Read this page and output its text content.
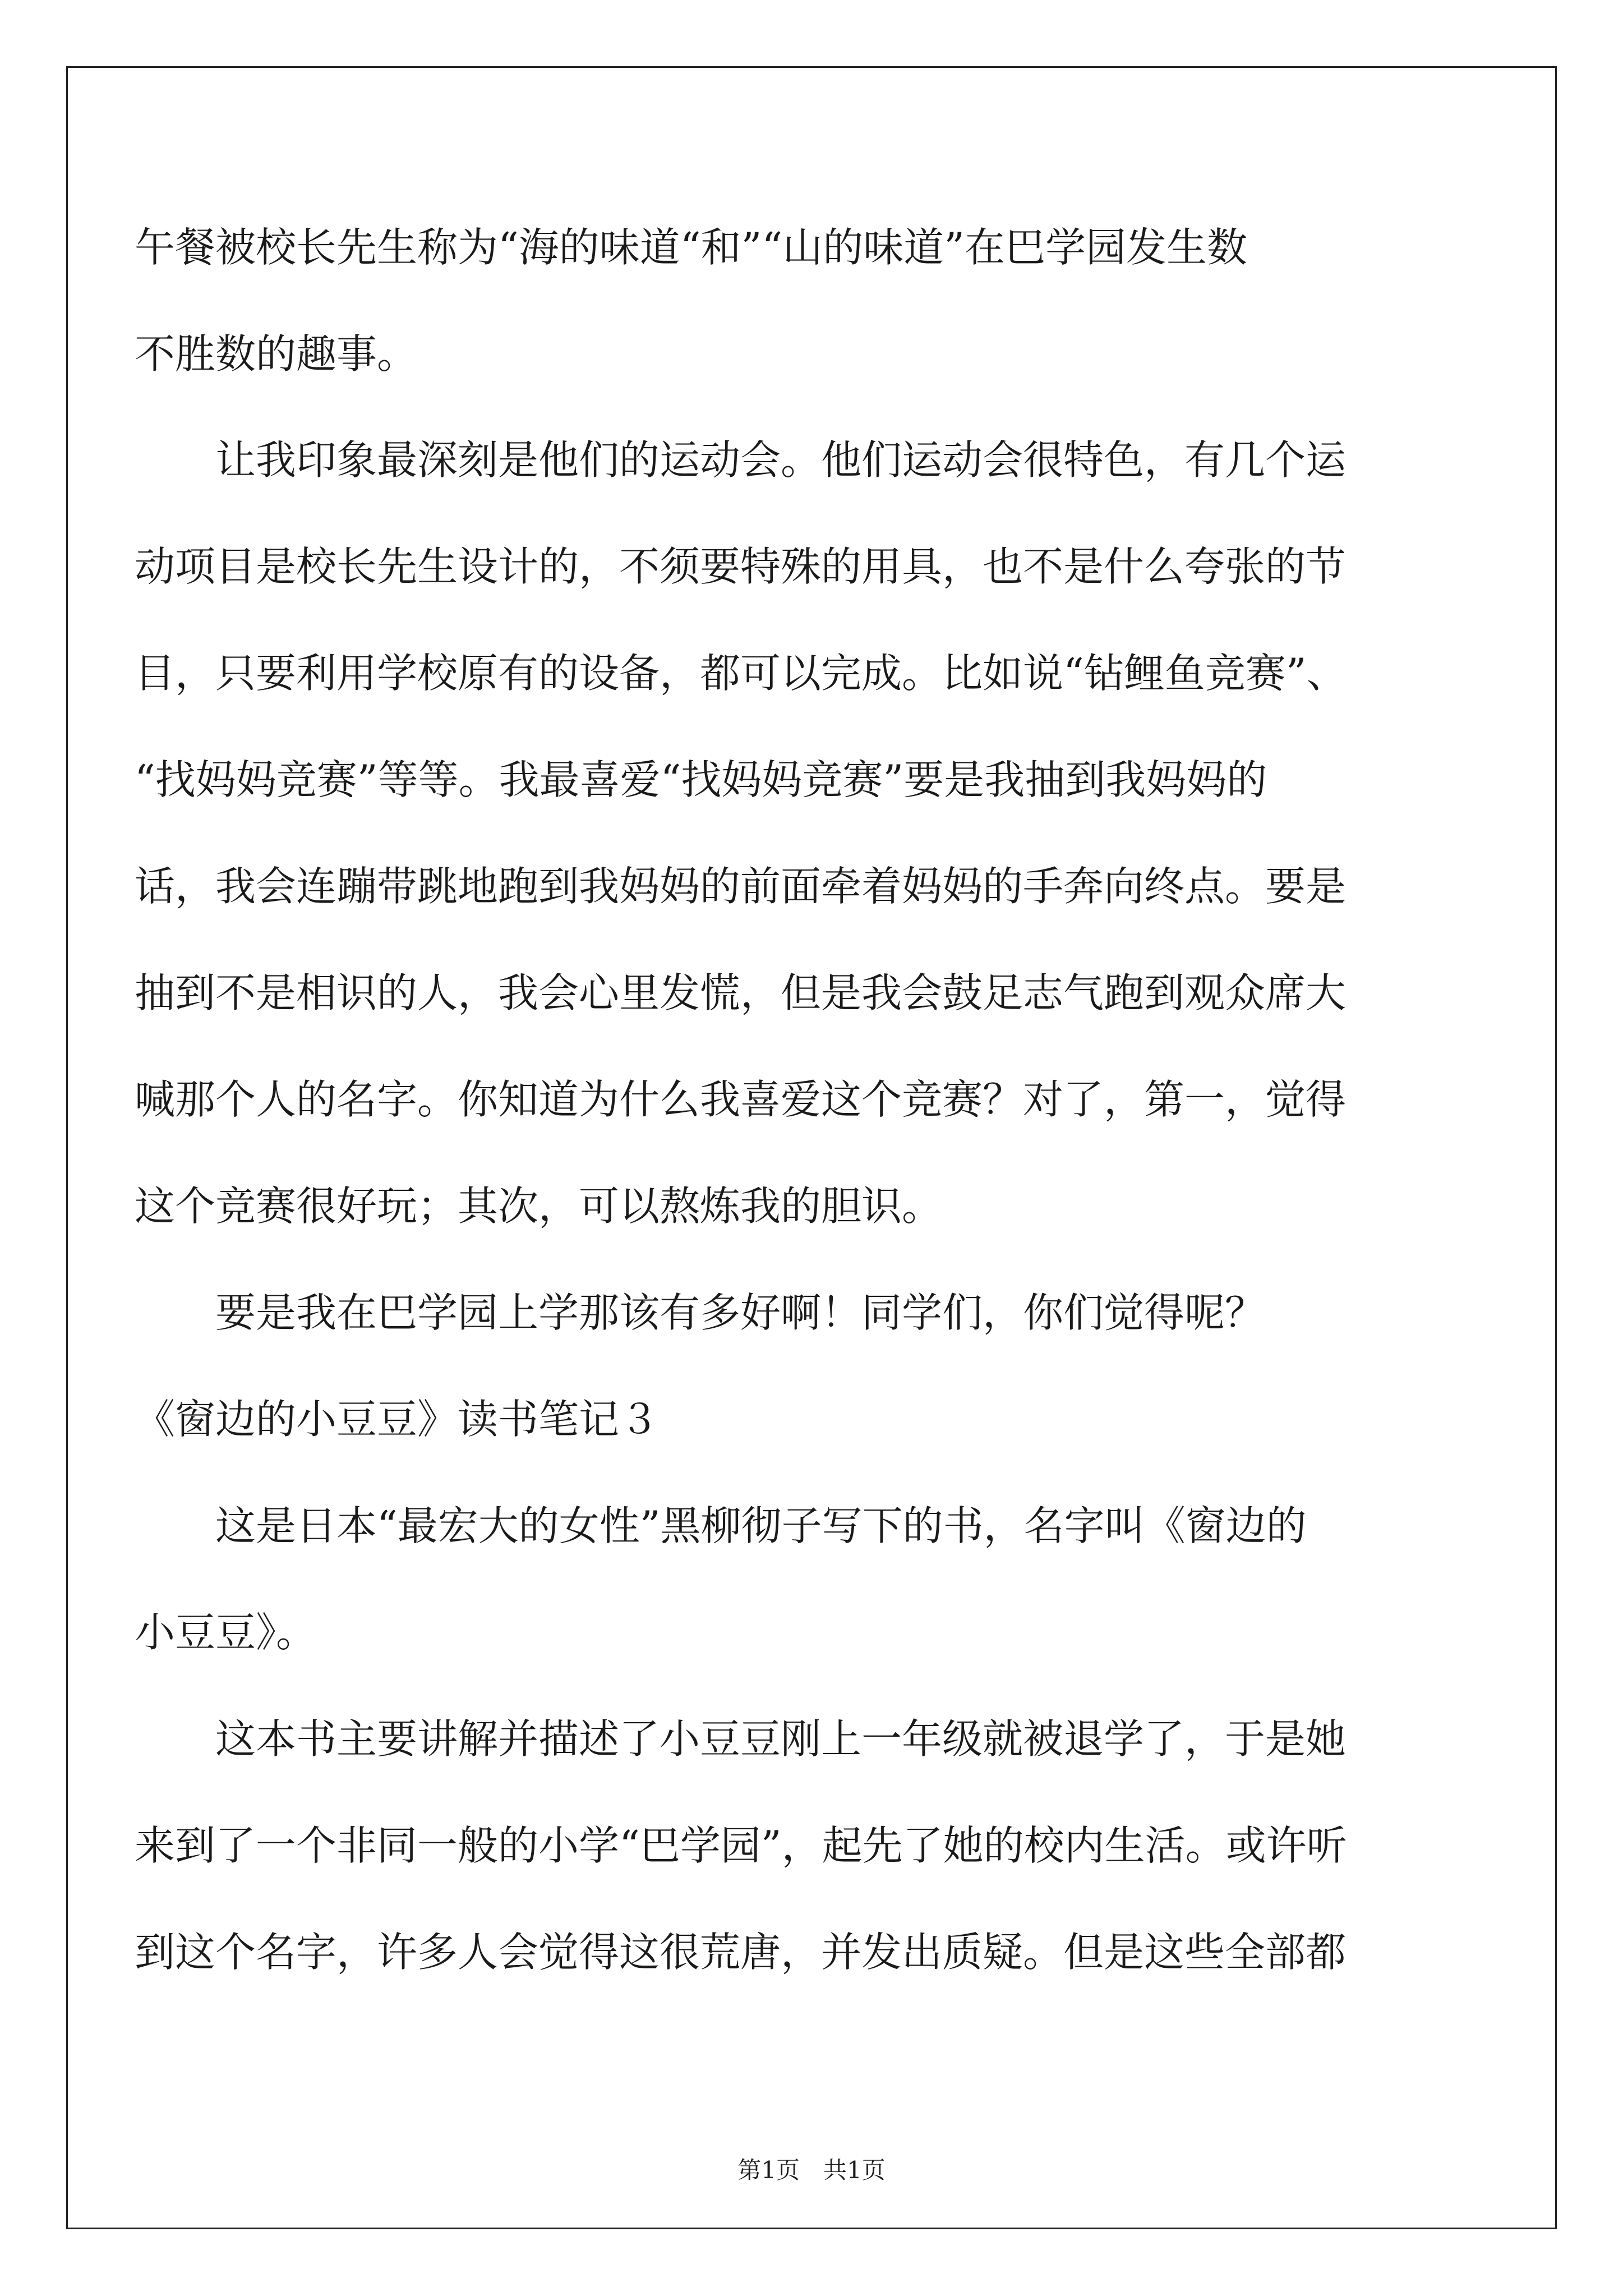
午餐被校长先生称为“海的味道“和”“山的味道”在巴学园发生数

不胜数的趣事。

让我印象最深刻是他们的运动会。他们运动会很特色，有几个运

动项目是校长先生设计的，不须要特殊的用具，也不是什么夸张的节

目，只要利用学校原有的设备，都可以完成。比如说“钻鲤鱼竞赛”、

“找妈妈竞赛”等等。我最喜爱“找妈妈竞赛”要是我抽到我妈妈的

话，我会连蹦带跳地跑到我妈妈的前面牵着妈妈的手奔向终点。要是

抽到不是相识的人，我会心里发慌，但是我会鼓足志气跑到观众席大

喊那个人的名字。你知道为什么我喜爱这个竞赛？对了，第一，觉得

这个竞赛很好玩；其次，可以熬炼我的胆识。

要是我在巴学园上学那该有多好啊！同学们，你们觉得呢？

《窗边的小豆豆》读书笔记３

这是日本“最宏大的女性”黑柳彻子写下的书，名字叫《窗边的

小豆豆》。

这本书主要讲解并描述了小豆豆刚上一年级就被退学了，于是她

来到了一个非同一般的小学“巴学园”，起先了她的校内生活。或许听

到这个名字，许多人会觉得这很荒唐，并发出质疑。但是这些全部都

第1页　共1页
